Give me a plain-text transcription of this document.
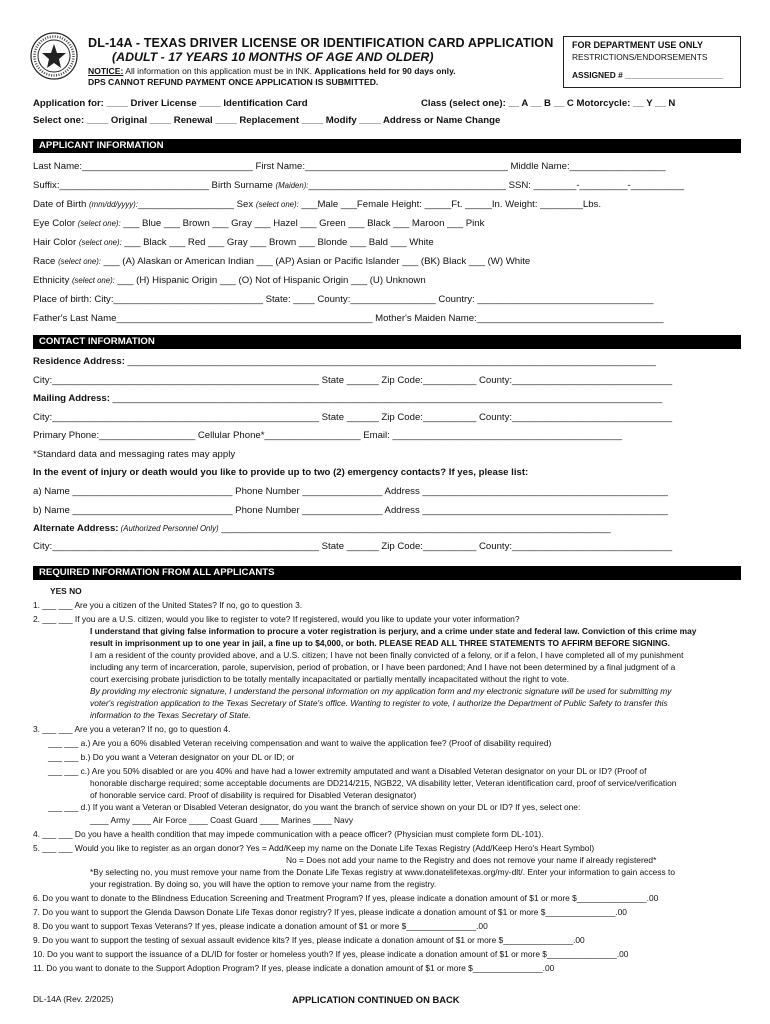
DL-14A - TEXAS DRIVER LICENSE OR IDENTIFICATION CARD APPLICATION
(ADULT - 17 YEARS 10 MONTHS OF AGE AND OLDER)
NOTICE: All information on this application must be in INK. Applications held for 90 days only.
DPS CANNOT REFUND PAYMENT ONCE APPLICATION IS SUBMITTED.
FOR DEPARTMENT USE ONLY
RESTRICTIONS/ENDORSEMENTS
ASSIGNED # _____________________
Application for: ____ Driver License ____ Identification Card	Class (select one): __ A __ B __ C Motorcycle: __ Y __ N
Select one: ____ Original ____ Renewal ____ Replacement ____ Modify ____ Address or Name Change
APPLICANT INFORMATION
Last Name:________________________________ First Name:______________________________________ Middle Name:__________________
Suffix:____________________________ Birth Surname (Maiden):_____________________________________ SSN: ________-_________-__________
Date of Birth (mm/dd/yyyy):__________________ Sex (select one): ___Male ___Female Height: _____Ft. _____In. Weight: ________Lbs.
Eye Color (select one): ___ Blue ___ Brown ___ Gray ___ Hazel ___ Green ___ Black ___ Maroon ___ Pink
Hair Color (select one): ___ Black ___ Red ___ Gray ___ Brown ___ Blonde ___ Bald ___ White
Race (select one): ___ (A) Alaskan or American Indian ___ (AP) Asian or Pacific Islander ___ (BK) Black ___ (W) White
Ethnicity (select one): ___ (H) Hispanic Origin ___ (O) Not of Hispanic Origin ___ (U) Unknown
Place of birth: City:____________________________ State: ____ County:________________ Country: _________________________________
Father's Last Name________________________________________________ Mother's Maiden Name:___________________________________
CONTACT INFORMATION
Residence Address: ___________________________________________________________________________________________________
City:__________________________________________________ State ______ Zip Code:__________ County:______________________________
Mailing Address: _______________________________________________________________________________________________________
City:__________________________________________________ State ______ Zip Code:__________ County:______________________________
Primary Phone:__________________ Cellular Phone*__________________ Email: ___________________________________________
*Standard data and messaging rates may apply
In the event of injury or death would you like to provide up to two (2) emergency contacts? If yes, please list:
a) Name ______________________________ Phone Number _______________ Address ______________________________________________
b) Name ______________________________ Phone Number _______________ Address ______________________________________________
Alternate Address: (Authorized Personnel Only) _________________________________________________________________________
City:__________________________________________________ State ______ Zip Code:__________ County:______________________________
REQUIRED INFORMATION FROM ALL APPLICANTS
YES NO
1. ___ ___ Are you a citizen of the United States? If no, go to question 3.
2. ___ ___ If you are a U.S. citizen, would you like to register to vote? If registered, would you like to update your voter information?
I understand that giving false information to procure a voter registration is perjury, and a crime under state and federal law. Conviction of this crime may
result in imprisonment up to one year in jail, a fine up to $4,000, or both. PLEASE READ ALL THREE STATEMENTS TO AFFIRM BEFORE SIGNING.
I am a resident of the county provided above, and a U.S. citizen; I have not been finally convicted of a felony, or if a felon, I have completed all of my punishment
including any term of incarceration, parole, supervision, period of probation, or I have been pardoned; And I have not been determined by a final judgment of a
court exercising probate jurisdiction to be totally mentally incapacitated or partially mentally incapacitated without the right to vote.
By providing my electronic signature, I understand the personal information on my application form and my electronic signature will be used for submitting my
voter's registration application to the Texas Secretary of State's office. Wanting to register to vote, I authorize the Department of Public Safety to transfer this
information to the Texas Secretary of State.
3. ___ ___ Are you a veteran? If no, go to question 4.
___ ___ a.) Are you a 60% disabled Veteran receiving compensation and want to waive the application fee? (Proof of disability required)
___ ___ b.) Do you want a Veteran designator on your DL or ID; or
___ ___ c.) Are you 50% disabled or are you 40% and have had a lower extremity amputated and want a Disabled Veteran designator on your DL or ID? (Proof of
honorable discharge required; some acceptable documents are DD214/215, NGB22, VA disability letter, Veteran identification card, proof of service/verification
of honorable service card. Proof of disability is required for Disabled Veteran designator)
___ ___ d.) If you want a Veteran or Disabled Veteran designator, do you want the branch of service shown on your DL or ID? If yes, select one:
____ Army ____ Air Force ____ Coast Guard ____ Marines ____ Navy
4. ___ ___ Do you have a health condition that may impede communication with a peace officer? (Physician must complete form DL-101).
5. ___ ___ Would you like to register as an organ donor? Yes = Add/Keep my name on the Donate Life Texas Registry (Add/Keep Hero's Heart Symbol)
No = Does not add your name to the Registry and does not remove your name if already registered*
*By selecting no, you must remove your name from the Donate Life Texas registry at www.donatelifetexas.org/my-dlt/. Enter your information to gain access to
your registration. By doing so, you will have the option to remove your name from the registry.
6. Do you want to donate to the Blindness Education Screening and Treatment Program? If yes, please indicate a donation amount of $1 or more $_______________.00
7. Do you want to support the Glenda Dawson Donate Life Texas donor registry? If yes, please indicate a donation amount of $1 or more $_______________.00
8. Do you want to support Texas Veterans? If yes, please indicate a donation amount of $1 or more $_______________.00
9. Do you want to support the testing of sexual assault evidence kits? If yes, please indicate a donation amount of $1 or more $_______________.00
10. Do you want to support the issuance of a DL/ID for foster or homeless youth? If yes, please indicate a donation amount of $1 or more $_______________.00
11. Do you want to donate to the Support Adoption Program? If yes, please indicate a donation amount of $1 or more $_______________.00
DL-14A (Rev. 2/2025)	APPLICATION CONTINUED ON BACK
